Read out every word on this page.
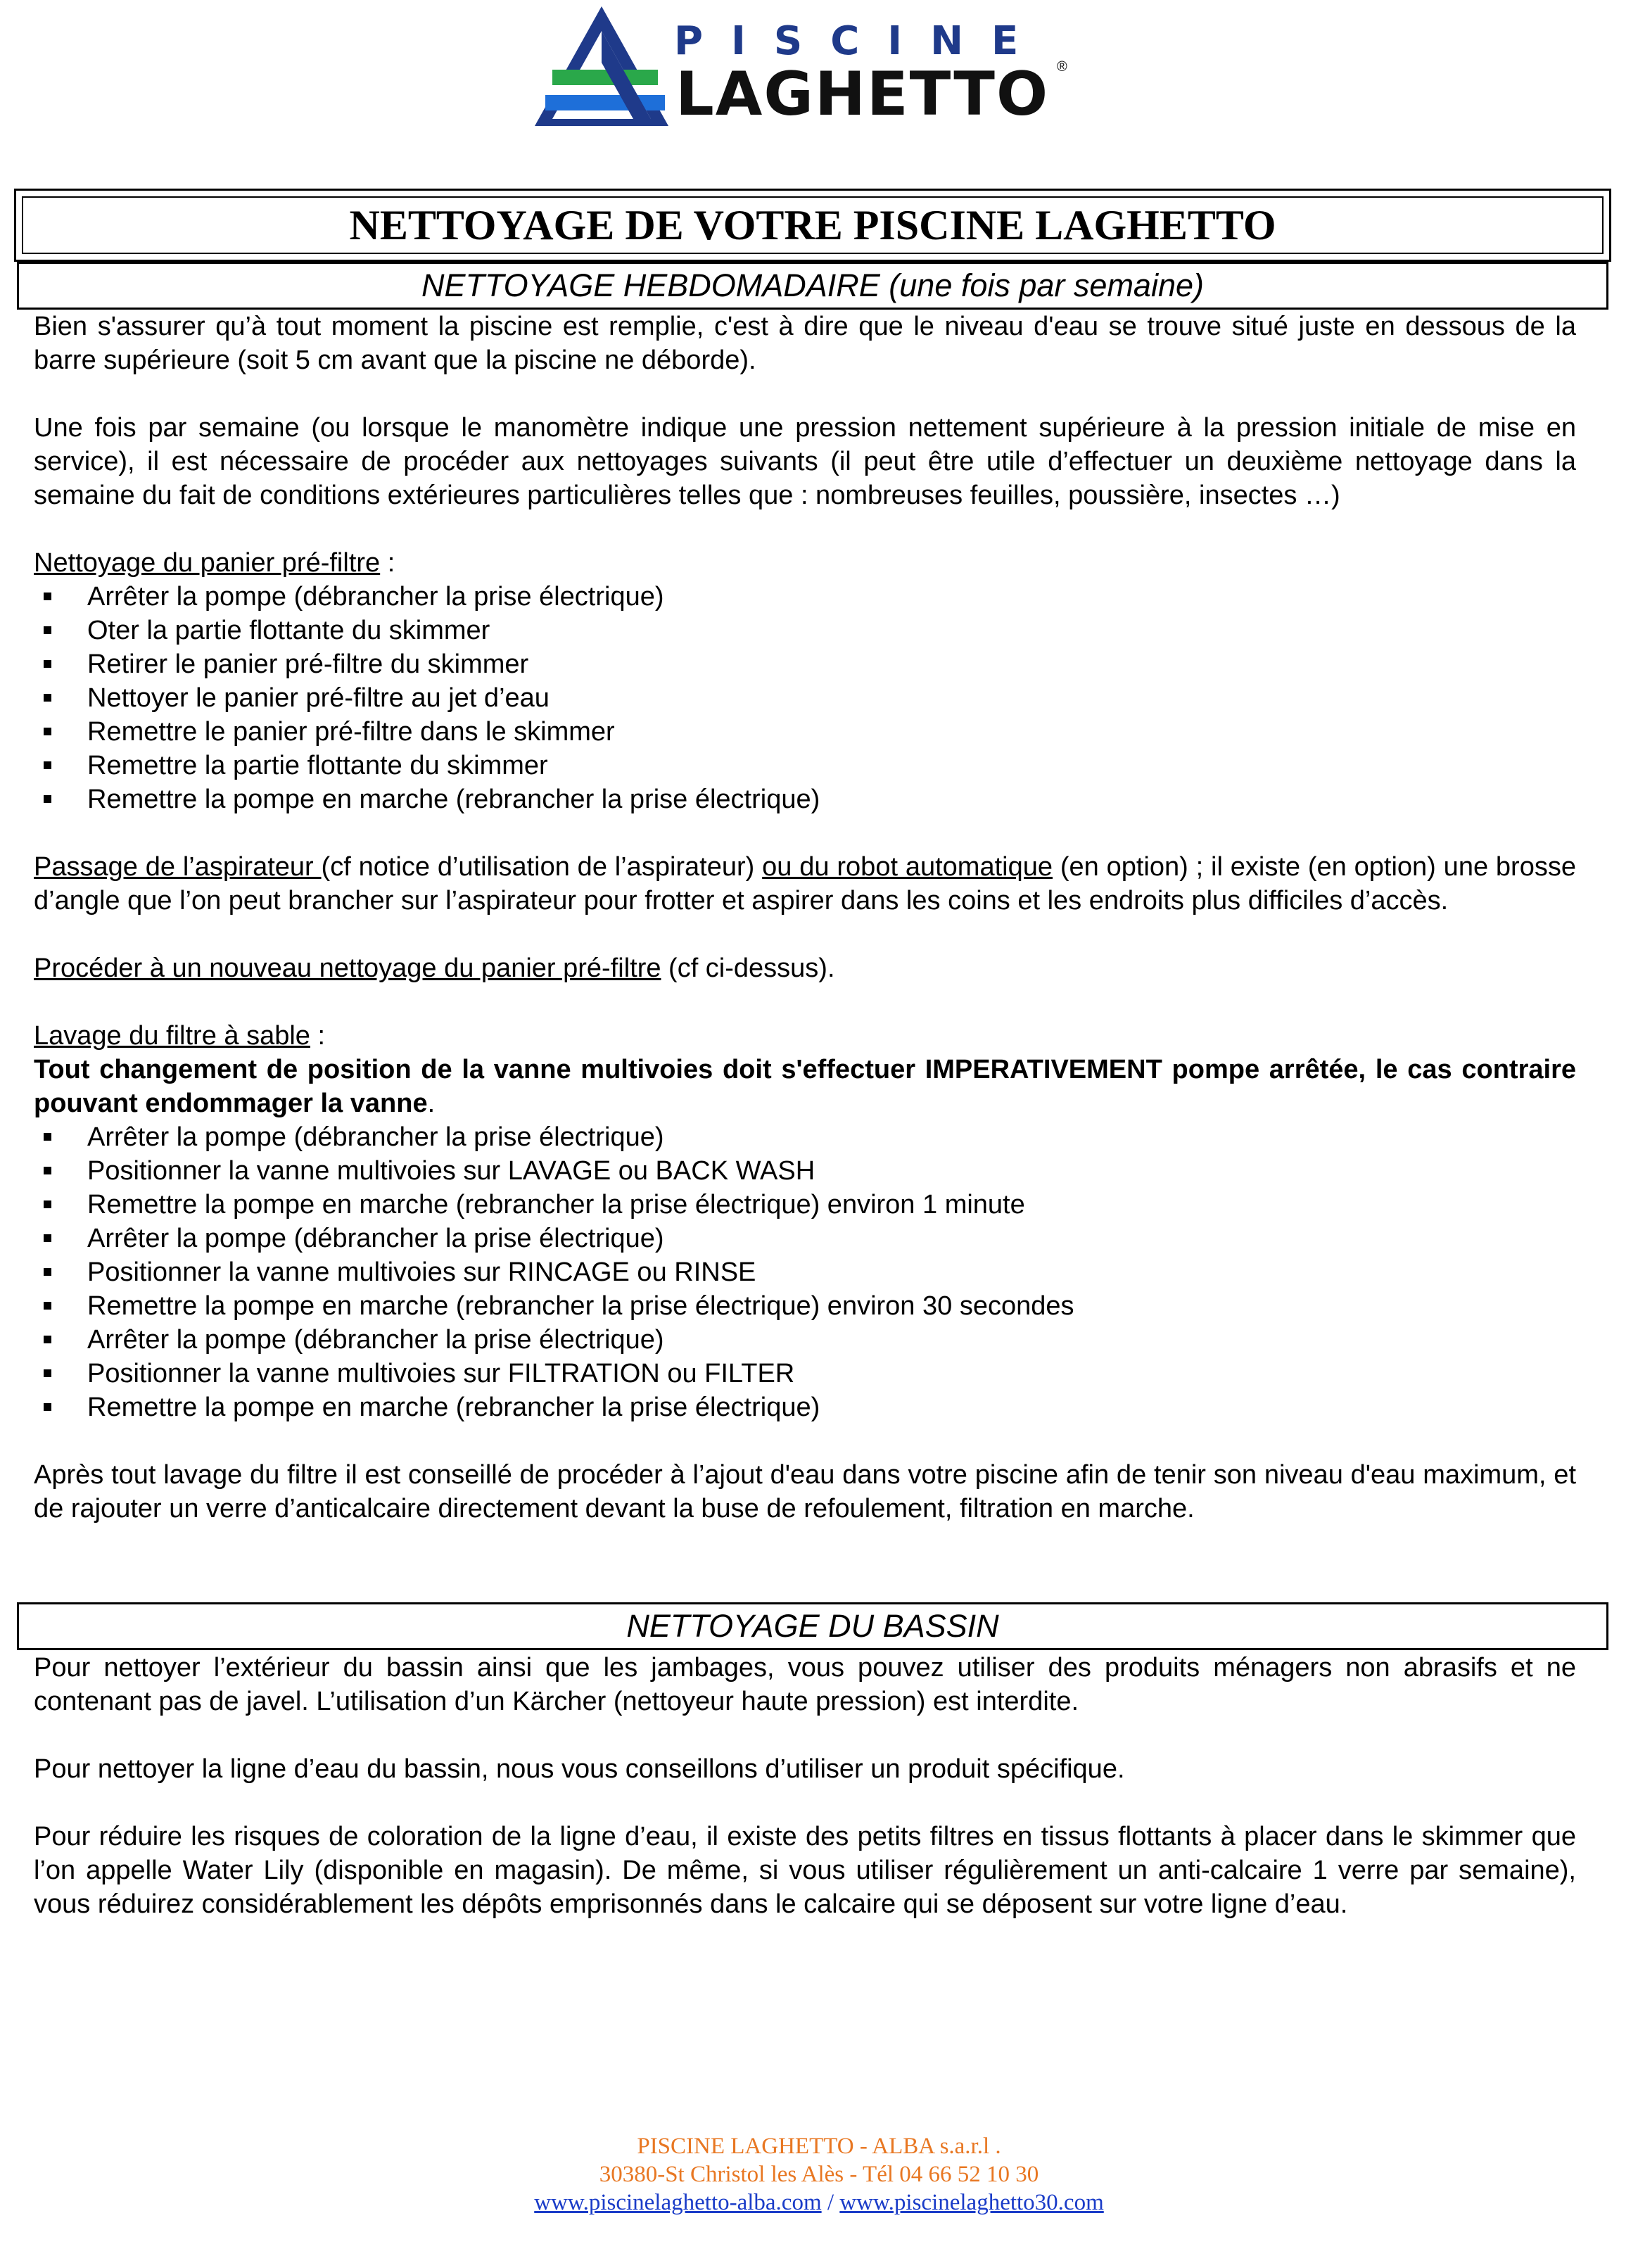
PISCINE
LAGHETTO ®
NETTOYAGE DE VOTRE PISCINE LAGHETTO
NETTOYAGE HEBDOMADAIRE (une fois par semaine)

Bien s'assurer qu’à tout moment la piscine est remplie, c'est à dire que le niveau d'eau se trouve situé juste en dessous de la barre supérieure (soit 5 cm avant que la piscine ne déborde).

Une fois par semaine (ou lorsque le manomètre indique une pression nettement supérieure à la pression initiale de mise en service), il est nécessaire de procéder aux nettoyages suivants (il peut être utile d’effectuer un deuxième nettoyage dans la semaine du fait de conditions extérieures particulières telles que : nombreuses feuilles, poussière, insectes …)

Nettoyage du panier pré-filtre :

Arrêter la pompe (débrancher la prise électrique)
Oter la partie flottante du skimmer
Retirer le panier pré-filtre du skimmer
Nettoyer le panier pré-filtre au jet d’eau
Remettre le panier pré-filtre dans le skimmer
Remettre la partie flottante du skimmer
Remettre la pompe en marche (rebrancher la prise électrique)

Passage de l’aspirateur (cf notice d’utilisation de l’aspirateur) ou du robot automatique (en option) ; il existe (en option) une brosse d’angle que l’on peut brancher sur l’aspirateur pour frotter et aspirer dans les coins et les endroits plus difficiles d’accès.

Procéder à un nouveau nettoyage du panier pré-filtre (cf ci-dessus).

Lavage du filtre à sable :

Tout changement de position de la vanne multivoies doit s'effectuer IMPERATIVEMENT pompe arrêtée, le cas contraire pouvant endommager la vanne.

Arrêter la pompe (débrancher la prise électrique)
Positionner la vanne multivoies sur LAVAGE ou BACK WASH
Remettre la pompe en marche (rebrancher la prise électrique) environ 1 minute
Arrêter la pompe (débrancher la prise électrique)
Positionner la vanne multivoies sur RINCAGE ou RINSE
Remettre la pompe en marche (rebrancher la prise électrique) environ 30 secondes
Arrêter la pompe (débrancher la prise électrique)
Positionner la vanne multivoies sur FILTRATION ou FILTER
Remettre la pompe en marche (rebrancher la prise électrique)

Après tout lavage du filtre il est conseillé de procéder à l’ajout d'eau dans votre piscine afin de tenir son niveau d'eau maximum, et de rajouter un verre d’anticalcaire directement devant la buse de refoulement, filtration en marche.

NETTOYAGE DU BASSIN

Pour nettoyer l’extérieur du bassin ainsi que les jambages, vous pouvez utiliser des produits ménagers non abrasifs et ne contenant pas de javel. L’utilisation d’un Kärcher (nettoyeur haute pression) est interdite.

Pour nettoyer la ligne d’eau du bassin, nous vous conseillons d’utiliser un produit spécifique.

Pour réduire les risques de coloration de la ligne d’eau, il existe des petits filtres en tissus flottants à placer dans le skimmer que l’on appelle Water Lily (disponible en magasin). De même, si vous utiliser régulièrement un anti-calcaire 1 verre par semaine), vous réduirez considérablement les dépôts emprisonnés dans le calcaire qui se déposent sur votre ligne d’eau.

PISCINE LAGHETTO - ALBA s.a.r.l .
30380-St Christol les Alès - Tél 04 66 52 10 30
www.piscinelaghetto-alba.com / www.piscinelaghetto30.com
